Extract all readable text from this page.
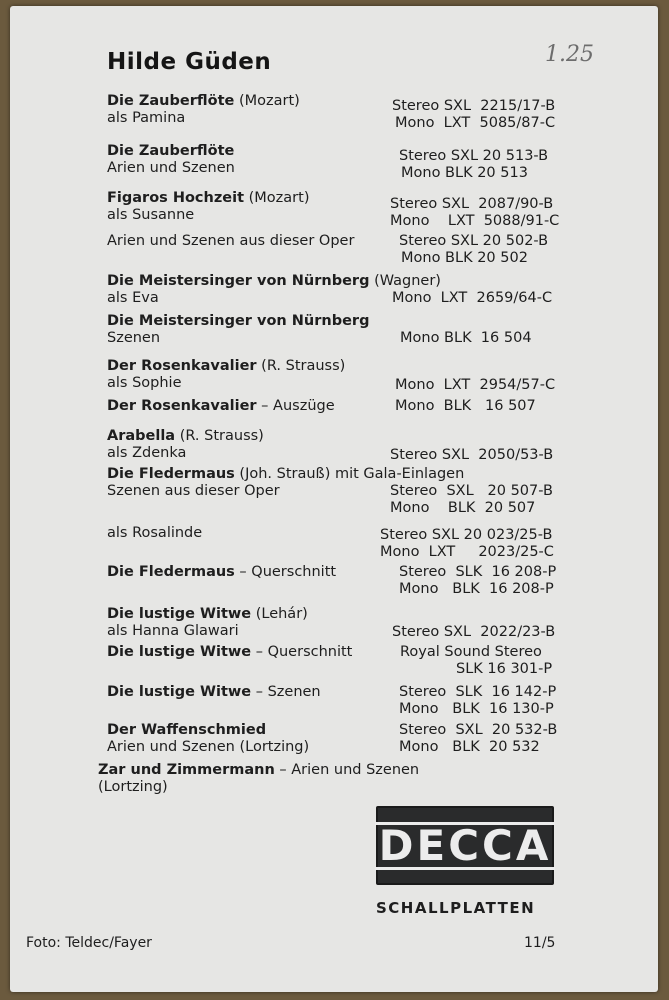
Hilde Güden	1.25
Die Zauberflöte (Mozart)
als Pamina
Die Zauberflöte
Arien und Szenen
Figaros Hochzeit (Mozart)
als Susanne
Arien und Szenen aus dieser Oper
Die Meistersinger von Nürnberg (Wagner)
als Eva
Die Meistersinger von Nürnberg
Szenen
Der Rosenkavalier (R. Strauss)
als Sophie
Der Rosenkavalier – Auszüge
Arabella (R. Strauss)
als Zdenka
Die Fledermaus (Joh. Strauß) mit Gala-Einlagen
Szenen aus dieser Oper
als Rosalinde
Die Fledermaus – Querschnitt
Die lustige Witwe (Lehár)
als Hanna Glawari
Die lustige Witwe – Querschnitt
Die lustige Witwe – Szenen
Der Waffenschmied
Arien und Szenen (Lortzing)
Zar und Zimmermann – Arien und Szenen
(Lortzing)
Stereo SXL  2215/17-B
Mono  LXT  5085/87-C
Stereo SXL 20 513-B
Mono BLK 20 513
Stereo SXL  2087/90-B
Mono    LXT  5088/91-C
Stereo SXL 20 502-B
Mono BLK 20 502
Mono  LXT  2659/64-C
Mono BLK  16 504
Mono  LXT  2954/57-C
Mono  BLK   16 507
Stereo SXL  2050/53-B
Stereo  SXL   20 507-B
Mono    BLK  20 507
Stereo SXL 20 023/25-B
Mono  LXT     2023/25-C
Stereo  SLK  16 208-P
Mono   BLK  16 208-P
Stereo SXL  2022/23-B
Royal Sound Stereo
SLK 16 301-P
Stereo  SLK  16 142-P
Mono   BLK  16 130-P
Stereo  SXL  20 532-B
Mono   BLK  20 532
DECCA
SCHALLPLATTEN
Foto: Teldec/Fayer	11/5
